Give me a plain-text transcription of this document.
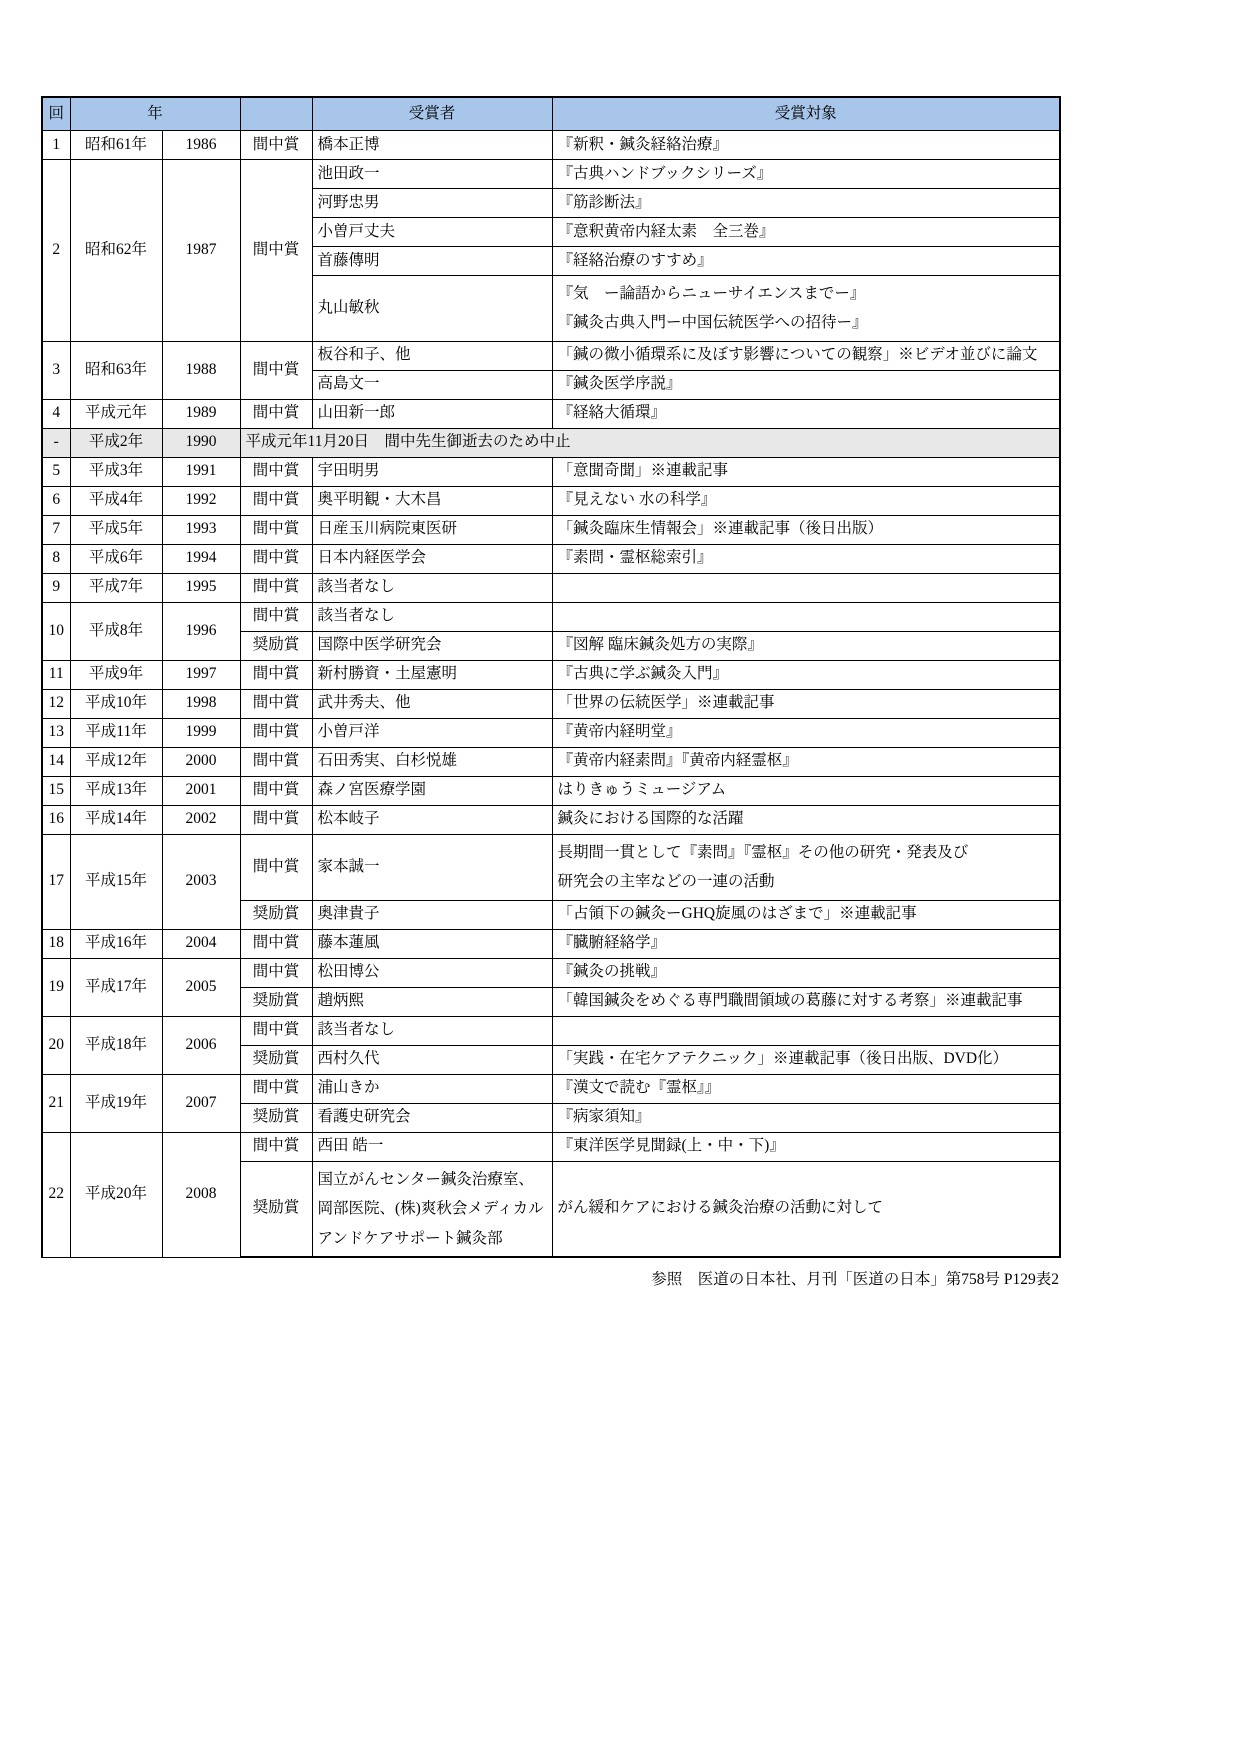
回	年			受賞者	受賞対象
1	昭和61年	1986	間中賞	橋本正博	『新釈・鍼灸経絡治療』
2	昭和62年	1987	間中賞	池田政一	『古典ハンドブックシリーズ』
				河野忠男	『筋診断法』
				小曽戸丈夫	『意釈黄帝内経太素　全三巻』
				首藤傳明	『経絡治療のすすめ』
				丸山敏秋	『気　ー論語からニューサイエンスまでー』
『鍼灸古典入門ー中国伝統医学への招待ー』

3	昭和63年	1988	間中賞	板谷和子、他	「鍼の微小循環系に及ぼす影響についての観察」※ビデオ並びに論文
				高島文一	『鍼灸医学序説』
4	平成元年	1989	間中賞	山田新一郎	『経絡大循環』
-	平成2年	1990	平成元年11月20日　間中先生御逝去のため中止		
5	平成3年	1991	間中賞	宇田明男	「意聞奇聞」※連載記事
6	平成4年	1992	間中賞	奥平明観・大木昌	『見えない 水の科学』
7	平成5年	1993	間中賞	日産玉川病院東医研	「鍼灸臨床生情報会」※連載記事（後日出版）
8	平成6年	1994	間中賞	日本内経医学会	『素問・霊枢総索引』
9	平成7年	1995	間中賞	該当者なし	
10	平成8年	1996	間中賞	該当者なし	
			奨励賞	国際中医学研究会	『図解 臨床鍼灸処方の実際』
11	平成9年	1997	間中賞	新村勝資・土屋憲明	『古典に学ぶ鍼灸入門』
12	平成10年	1998	間中賞	武井秀夫、他	「世界の伝統医学」※連載記事
13	平成11年	1999	間中賞	小曽戸洋	『黄帝内経明堂』
14	平成12年	2000	間中賞	石田秀実、白杉悦雄	『黄帝内経素問』『黄帝内経霊枢』
15	平成13年	2001	間中賞	森ノ宮医療学園	はりきゅうミュージアム
16	平成14年	2002	間中賞	松本岐子	鍼灸における国際的な活躍
17	平成15年	2003	間中賞	家本誠一	長期間一貫として『素問』『霊枢』その他の研究・発表及び
研究会の主宰などの一連の活動

			奨励賞	奥津貴子	「占領下の鍼灸ーGHQ旋風のはざまで」※連載記事
18	平成16年	2004	間中賞	藤本蓮風	『臓腑経絡学』
19	平成17年	2005	間中賞	松田博公	『鍼灸の挑戦』
			奨励賞	趙炳熙	「韓国鍼灸をめぐる専門職間領域の葛藤に対する考察」※連載記事
20	平成18年	2006	間中賞	該当者なし	
			奨励賞	西村久代	「実践・在宅ケアテクニック」※連載記事（後日出版、DVD化）
21	平成19年	2007	間中賞	浦山きか	『漢文で読む『霊枢』』
			奨励賞	看護史研究会	『病家須知』
22	平成20年	2008	間中賞	西田 皓一	『東洋医学見聞録(上・中・下)』
			奨励賞	国立がんセンター鍼灸治療室、
岡部医院、(株)爽秋会メディカル
アンドケアサポート鍼灸部	がん緩和ケアにおける鍼灸治療の活動に対して
参照　医道の日本社、月刊「医道の日本」第758号 P129表2
